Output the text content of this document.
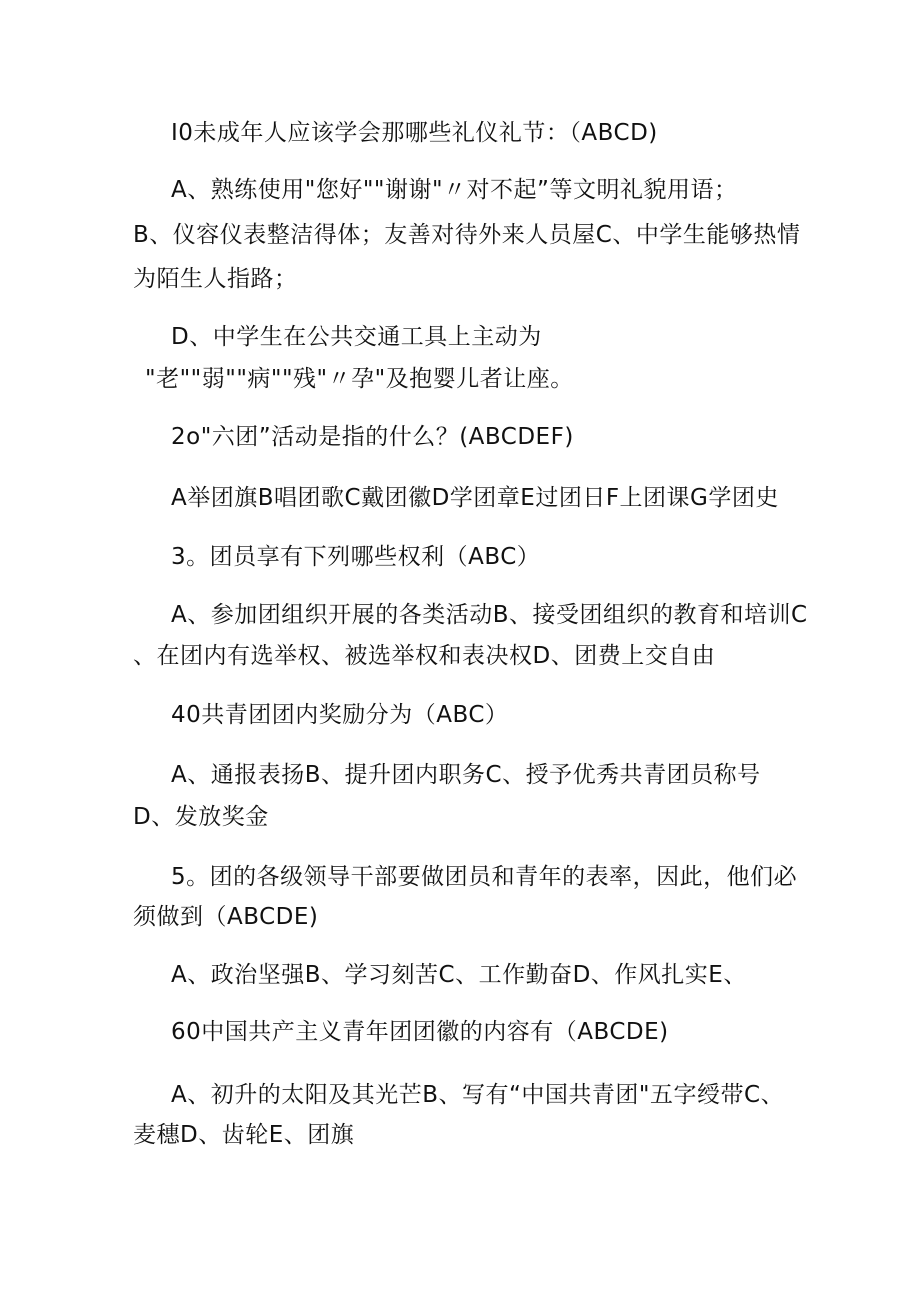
I0未成年人应该学会那哪些礼仪礼节：（ABCD)
A、熟练使用"您好""谢谢"〃对不起”等文明礼貌用语；
B、仪容仪表整洁得体；友善对待外来人员屋C、中学生能够热情
为陌生人指路；
D、中学生在公共交通工具上主动为
"老""弱""病""残"〃孕"及抱婴儿者让座。
2o"六团”活动是指的什么？(ABCDEF)
A举团旗B唱团歌C戴团徽D学团章E过团日F上团课G学团史
3。团员享有下列哪些权利（ABC）
A、参加团组织开展的各类活动B、接受团组织的教育和培训C
、在团内有选举权、被选举权和表决权D、团费上交自由
40共青团团内奖励分为（ABC）
A、通报表扬B、提升团内职务C、授予优秀共青团员称号
D、发放奖金
5。团的各级领导干部要做团员和青年的表率，因此，他们必
须做到（ABCDE)
A、政治坚强B、学习刻苦C、工作勤奋D、作风扎实E、
60中国共产主义青年团团徽的内容有（ABCDE)
A、初升的太阳及其光芒B、写有“中国共青团"五字绶带C、
麦穗D、齿轮E、团旗
